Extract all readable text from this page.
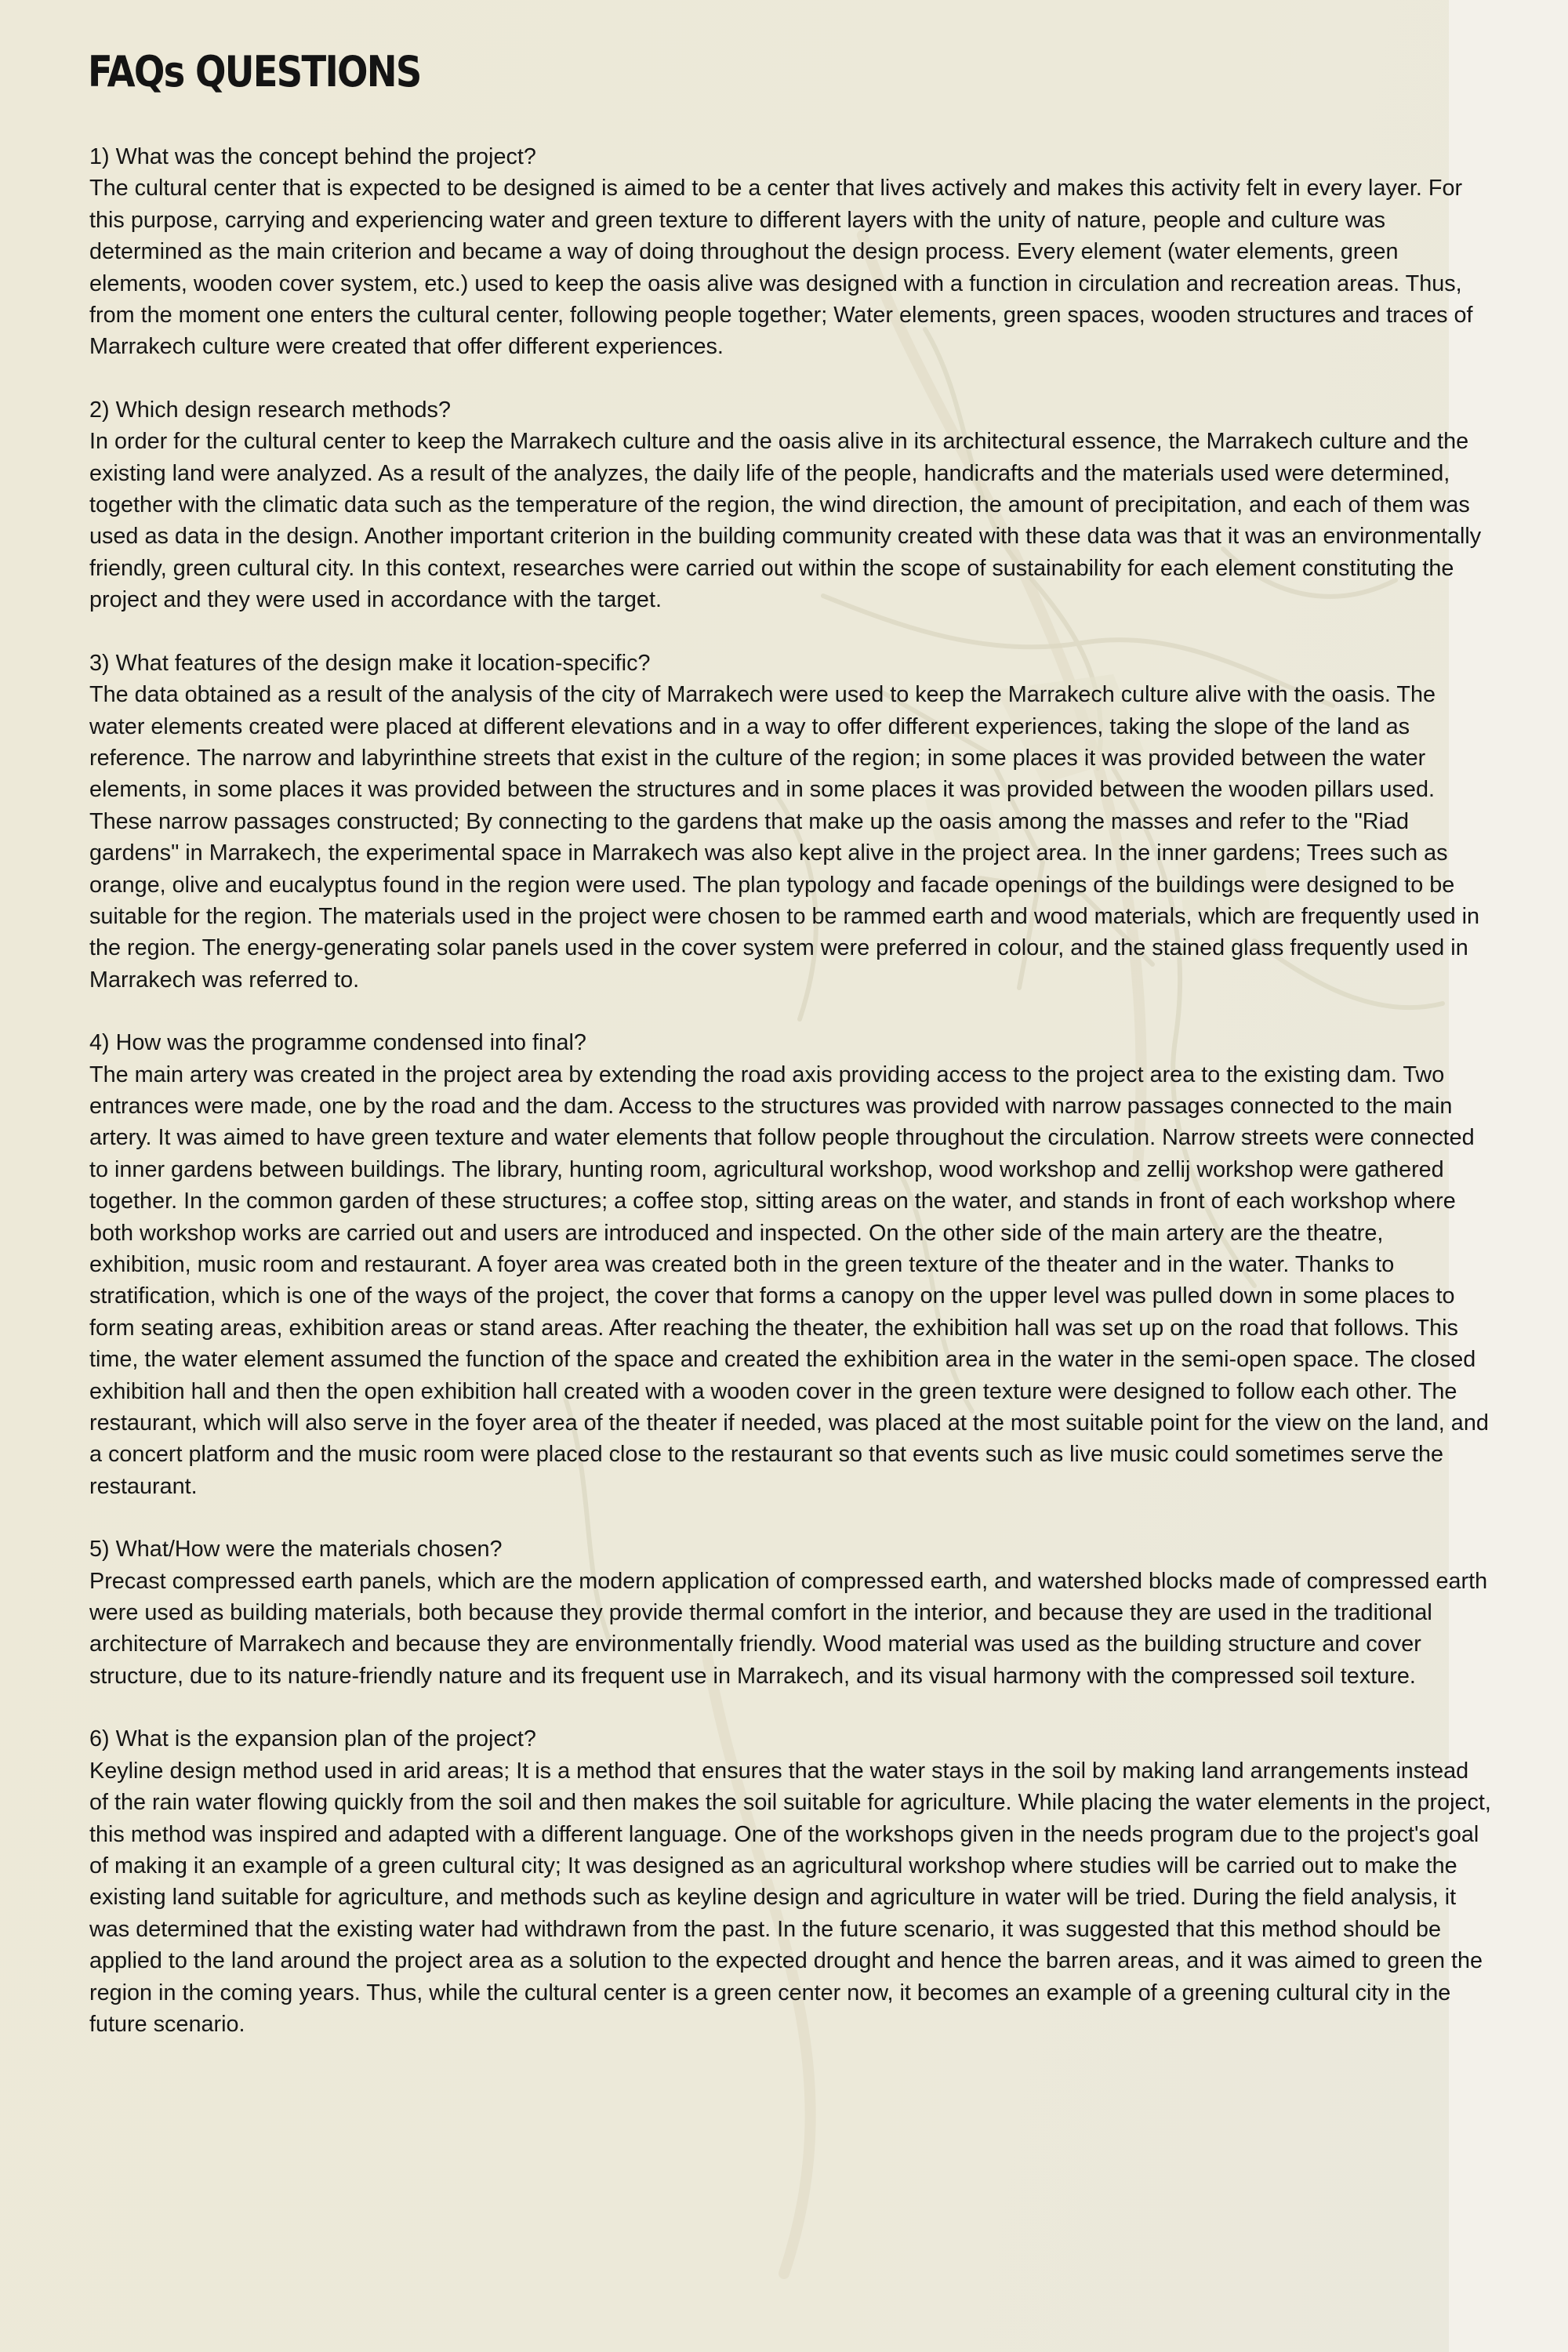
FAQs QUESTIONS

1) What was the concept behind the project?

The cultural center that is expected to be designed is aimed to be a center that lives actively and makes this activity felt in every layer. For this purpose, carrying and experiencing water and green texture to different layers with the unity of nature, people and culture was determined as the main criterion and became a way of doing throughout the design process. Every element (water elements, green elements, wooden cover system, etc.) used to keep the oasis alive was designed with a function in circulation and recreation areas. Thus, from the moment one enters the cultural center, following people together; Water elements, green spaces, wooden structures and traces of Marrakech culture were created that offer different experiences.

2) Which design research methods?

In order for the cultural center to keep the Marrakech culture and the oasis alive in its architectural essence, the Marrakech culture and the existing land were analyzed. As a result of the analyzes, the daily life of the people, handicrafts and the materials used were determined, together with the climatic data such as the temperature of the region, the wind direction, the amount of precipitation, and each of them was used as data in the design. Another important criterion in the building community created with these data was that it was an environmentally friendly, green cultural city. In this context, researches were carried out within the scope of sustainability for each element constituting the project and they were used in accordance with the target.

3) What features of the design make it location-specific?

The data obtained as a result of the analysis of the city of Marrakech were used to keep the Marrakech culture alive with the oasis. The water elements created were placed at different elevations and in a way to offer different experiences, taking the slope of the land as reference. The narrow and labyrinthine streets that exist in the culture of the region; in some places it was provided between the water elements, in some places it was provided between the structures and in some places it was provided between the wooden pillars used. These narrow passages constructed; By connecting to the gardens that make up the oasis among the masses and refer to the "Riad gardens" in Marrakech, the experimental space in Marrakech was also kept alive in the project area. In the inner gardens; Trees such as orange, olive and eucalyptus found in the region were used. The plan typology and facade openings of the buildings were designed to be suitable for the region. The materials used in the project were chosen to be rammed earth and wood materials, which are frequently used in the region. The energy-generating solar panels used in the cover system were preferred in colour, and the stained glass frequently used in Marrakech was referred to.

4) How was the programme condensed into final?

The main artery was created in the project area by extending the road axis providing access to the project area to the existing dam. Two entrances were made, one by the road and the dam. Access to the structures was provided with narrow passages connected to the main artery. It was aimed to have green texture and water elements that follow people throughout the circulation. Narrow streets were connected to inner gardens between buildings. The library, hunting room, agricultural workshop, wood workshop and zellij workshop were gathered together. In the common garden of these structures; a coffee stop, sitting areas on the water, and stands in front of each workshop where both workshop works are carried out and users are introduced and inspected. On the other side of the main artery are the theatre, exhibition, music room and restaurant. A foyer area was created both in the green texture of the theater and in the water. Thanks to stratification, which is one of the ways of the project, the cover that forms a canopy on the upper level was pulled down in some places to form seating areas, exhibition areas or stand areas. After reaching the theater, the exhibition hall was set up on the road that follows. This time, the water element assumed the function of the space and created the exhibition area in the water in the semi-open space. The closed exhibition hall and then the open exhibition hall created with a wooden cover in the green texture were designed to follow each other. The restaurant, which will also serve in the foyer area of the theater if needed, was placed at the most suitable point for the view on the land, and a concert platform and the music room were placed close to the restaurant so that events such as live music could sometimes serve the restaurant.

5) What/How were the materials chosen?

Precast compressed earth panels, which are the modern application of compressed earth, and watershed blocks made of compressed earth were used as building materials, both because they provide thermal comfort in the interior, and because they are used in the traditional architecture of Marrakech and because they are environmentally friendly. Wood material was used as the building structure and cover structure, due to its nature-friendly nature and its frequent use in Marrakech, and its visual harmony with the compressed soil texture.

6) What is the expansion plan of the project?

Keyline design method used in arid areas; It is a method that ensures that the water stays in the soil by making land arrangements instead of the rain water flowing quickly from the soil and then makes the soil suitable for agriculture. While placing the water elements in the project, this method was inspired and adapted with a different language. One of the workshops given in the needs program due to the project's goal of making it an example of a green cultural city; It was designed as an agricultural workshop where studies will be carried out to make the existing land suitable for agriculture, and methods such as keyline design and agriculture in water will be tried. During the field analysis, it was determined that the existing water had withdrawn from the past. In the future scenario, it was suggested that this method should be applied to the land around the project area as a solution to the expected drought and hence the barren areas, and it was aimed to green the region in the coming years. Thus, while the cultural center is a green center now, it becomes an example of a greening cultural city in the future scenario.
